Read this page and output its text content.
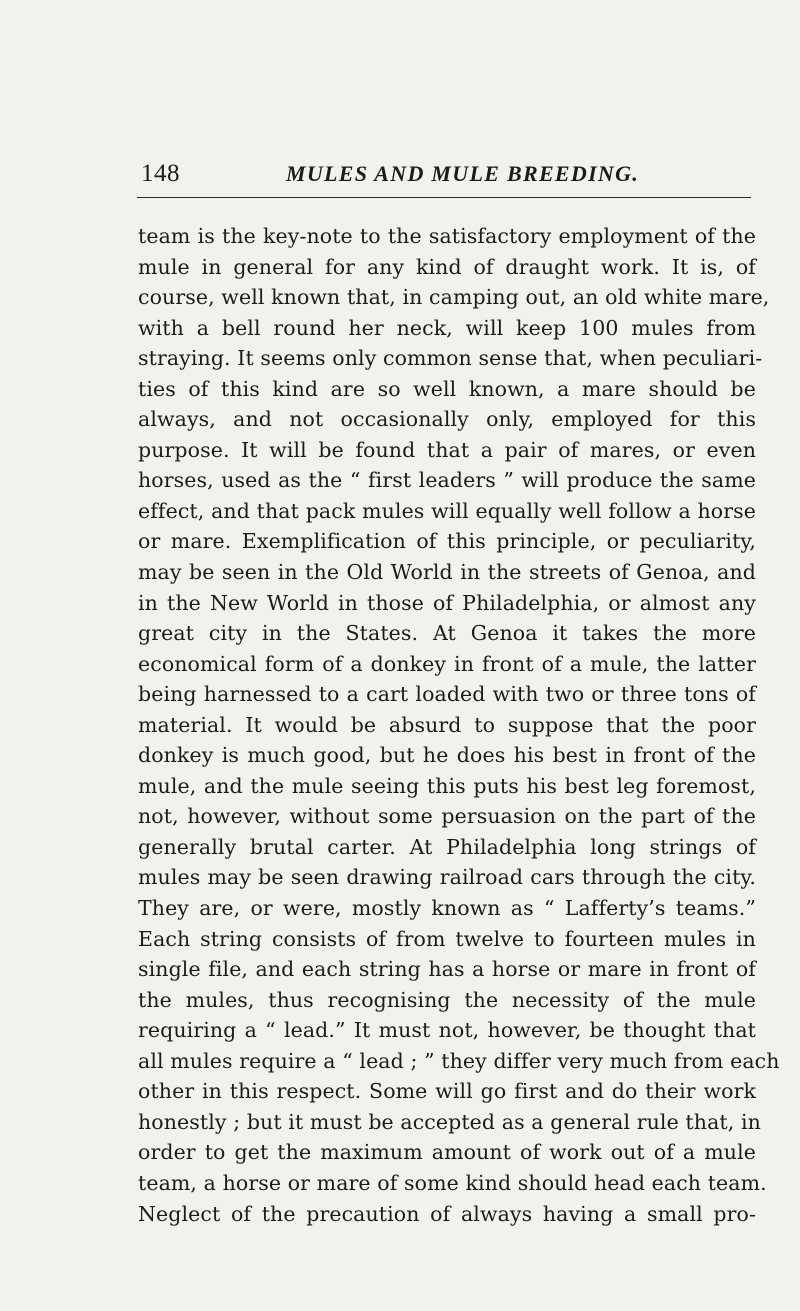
148	MULES AND MULE BREEDING.
team is the key-note to the satisfactory employment of the
mule in general for any kind of draught work. It is, of
course, well known that, in camping out, an old white mare,
with a bell round her neck, will keep 100 mules from
straying. It seems only common sense that, when peculiari-
ties of this kind are so well known, a mare should be
always, and not occasionally only, employed for this
purpose. It will be found that a pair of mares, or even
horses, used as the “ first leaders ” will produce the same
effect, and that pack mules will equally well follow a horse
or mare. Exemplification of this principle, or peculiarity,
may be seen in the Old World in the streets of Genoa, and
in the New World in those of Philadelphia, or almost any
great city in the States. At Genoa it takes the more
economical form of a donkey in front of a mule, the latter
being harnessed to a cart loaded with two or three tons of
material. It would be absurd to suppose that the poor
donkey is much good, but he does his best in front of the
mule, and the mule seeing this puts his best leg foremost,
not, however, without some persuasion on the part of the
generally brutal carter. At Philadelphia long strings of
mules may be seen drawing railroad cars through the city.
They are, or were, mostly known as “ Lafferty’s teams.”
Each string consists of from twelve to fourteen mules in
single file, and each string has a horse or mare in front of
the mules, thus recognising the necessity of the mule
requiring a “ lead.” It must not, however, be thought that
all mules require a “ lead ; ” they differ very much from each
other in this respect. Some will go first and do their work
honestly ; but it must be accepted as a general rule that, in
order to get the maximum amount of work out of a mule
team, a horse or mare of some kind should head each team.
Neglect of the precaution of always having a small pro-
